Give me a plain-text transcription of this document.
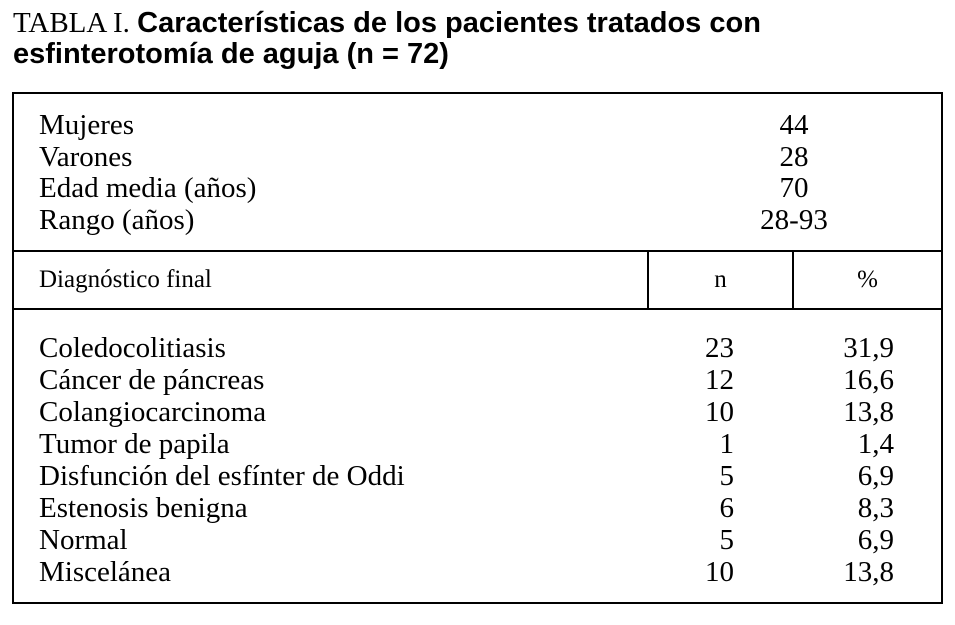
TABLA I. Características de los pacientes tratados con esfinterotomía de aguja (n = 72)
Mujeres	44
Varones	28
Edad media (años)	70
Rango (años)	28-93
Diagnóstico final	n	%
Coledocolitiasis	23	31,9
Cáncer de páncreas	12	16,6
Colangiocarcinoma	10	13,8
Tumor de papila	1	1,4
Disfunción del esfínter de Oddi	5	6,9
Estenosis benigna	6	8,3
Normal	5	6,9
Miscelánea	10	13,8
